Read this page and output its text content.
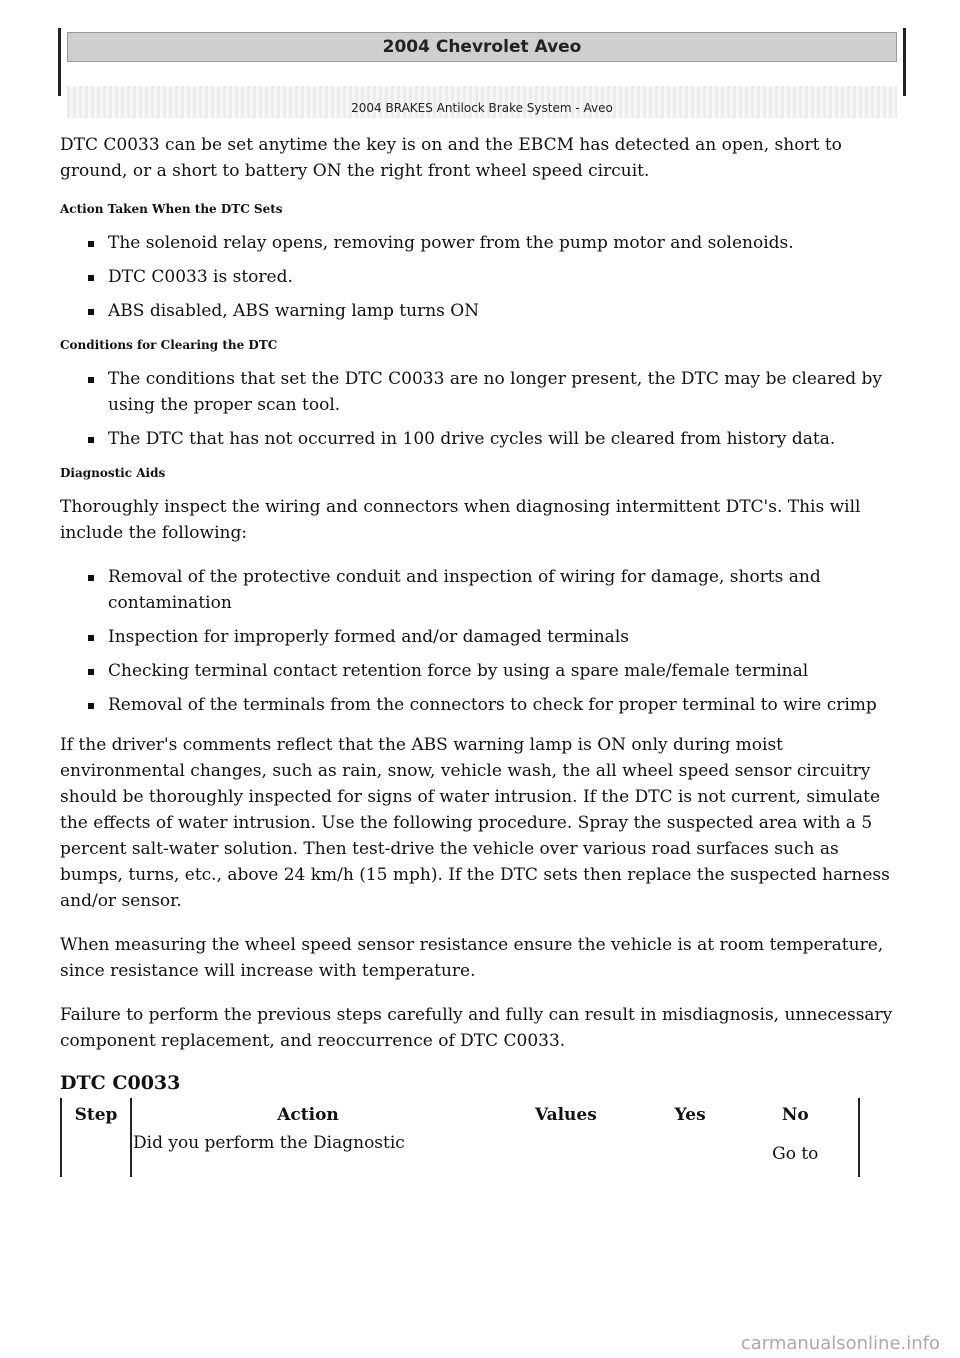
2004 Chevrolet Aveo
2004 BRAKES Antilock Brake System - Aveo

DTC C0033 can be set anytime the key is on and the EBCM has detected an open, short to ground, or a short to battery ON the right front wheel speed circuit.

Action Taken When the DTC Sets
The solenoid relay opens, removing power from the pump motor and solenoids.
DTC C0033 is stored.
ABS disabled, ABS warning lamp turns ON
Conditions for Clearing the DTC
The conditions that set the DTC C0033 are no longer present, the DTC may be cleared by using the proper scan tool.
The DTC that has not occurred in 100 drive cycles will be cleared from history data.
Diagnostic Aids

Thoroughly inspect the wiring and connectors when diagnosing intermittent DTC's. This will include the following:

Removal of the protective conduit and inspection of wiring for damage, shorts and contamination
Inspection for improperly formed and/or damaged terminals
Checking terminal contact retention force by using a spare male/female terminal
Removal of the terminals from the connectors to check for proper terminal to wire crimp

If the driver's comments reflect that the ABS warning lamp is ON only during moist environmental changes, such as rain, snow, vehicle wash, the all wheel speed sensor circuitry should be thoroughly inspected for signs of water intrusion. If the DTC is not current, simulate the effects of water intrusion. Use the following procedure. Spray the suspected area with a 5 percent salt-water solution. Then test-drive the vehicle over various road surfaces such as bumps, turns, etc., above 24 km/h (15 mph). If the DTC sets then replace the suspected harness and/or sensor.

When measuring the wheel speed sensor resistance ensure the vehicle is at room temperature, since resistance will increase with temperature.

Failure to perform the previous steps carefully and fully can result in misdiagnosis, unnecessary component replacement, and reoccurrence of DTC C0033.

DTC C0033
Step	Action	Values	Yes	No
	Did you perform the Diagnostic			Go to
carmanualsonline.info
